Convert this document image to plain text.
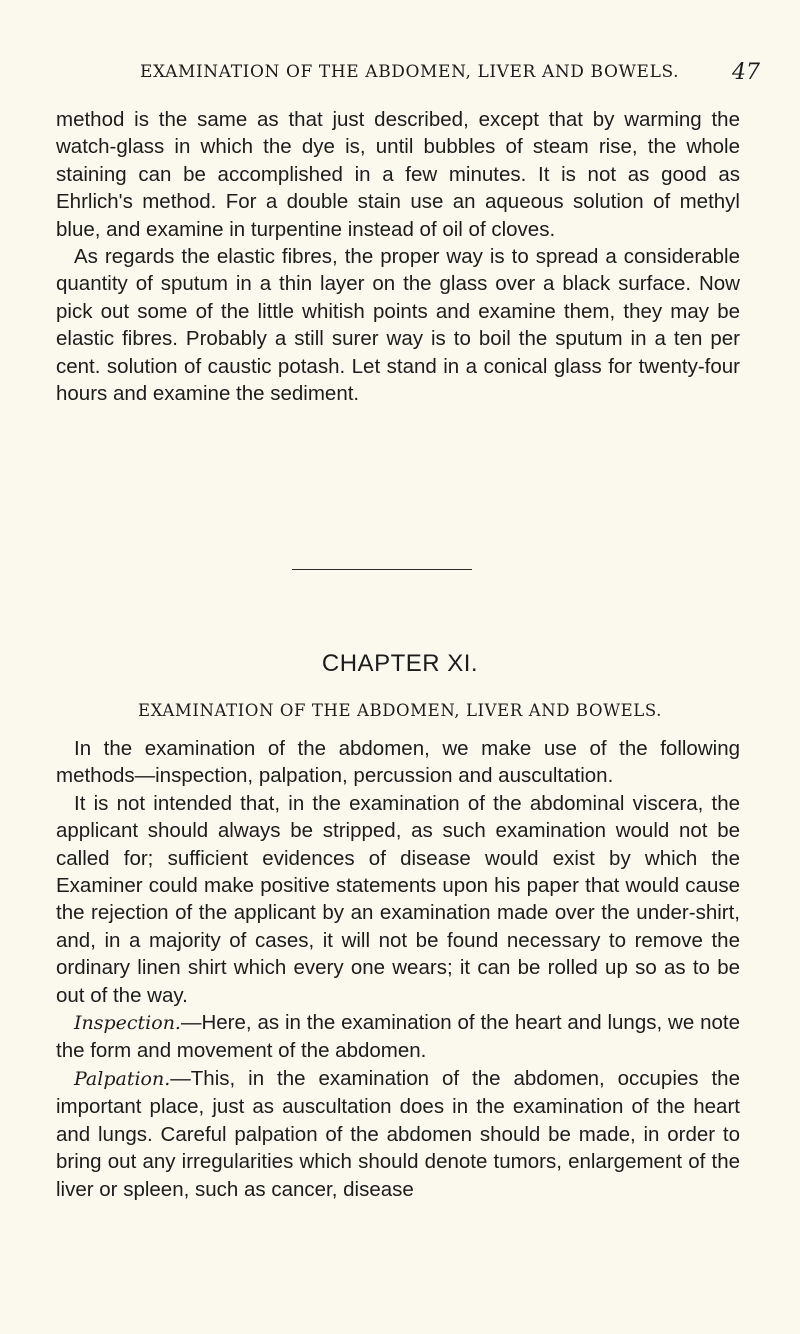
EXAMINATION OF THE ABDOMEN, LIVER AND BOWELS. 47

method is the same as that just described, except that by warming the watch-glass in which the dye is, until bubbles of steam rise, the whole staining can be accomplished in a few minutes. It is not as good as Ehrlich's method. For a double stain use an aqueous solution of methyl blue, and examine in turpentine instead of oil of cloves.

As regards the elastic fibres, the proper way is to spread a considerable quantity of sputum in a thin layer on the glass over a black surface. Now pick out some of the little whitish points and examine them, they may be elastic fibres. Probably a still surer way is to boil the sputum in a ten per cent. solution of caustic potash. Let stand in a conical glass for twenty-four hours and examine the sediment.

CHAPTER XI.
EXAMINATION OF THE ABDOMEN, LIVER AND BOWELS.

In the examination of the abdomen, we make use of the following methods—inspection, palpation, percussion and auscultation.

It is not intended that, in the examination of the abdominal viscera, the applicant should always be stripped, as such examination would not be called for; sufficient evidences of disease would exist by which the Examiner could make positive statements upon his paper that would cause the rejection of the applicant by an examination made over the under-shirt, and, in a majority of cases, it will not be found necessary to remove the ordinary linen shirt which every one wears; it can be rolled up so as to be out of the way.

Inspection.—Here, as in the examination of the heart and lungs, we note the form and movement of the abdomen.

Palpation.—This, in the examination of the abdomen, occupies the important place, just as auscultation does in the examination of the heart and lungs. Careful palpation of the abdomen should be made, in order to bring out any irregularities which should denote tumors, enlargement of the liver or spleen, such as cancer, disease
